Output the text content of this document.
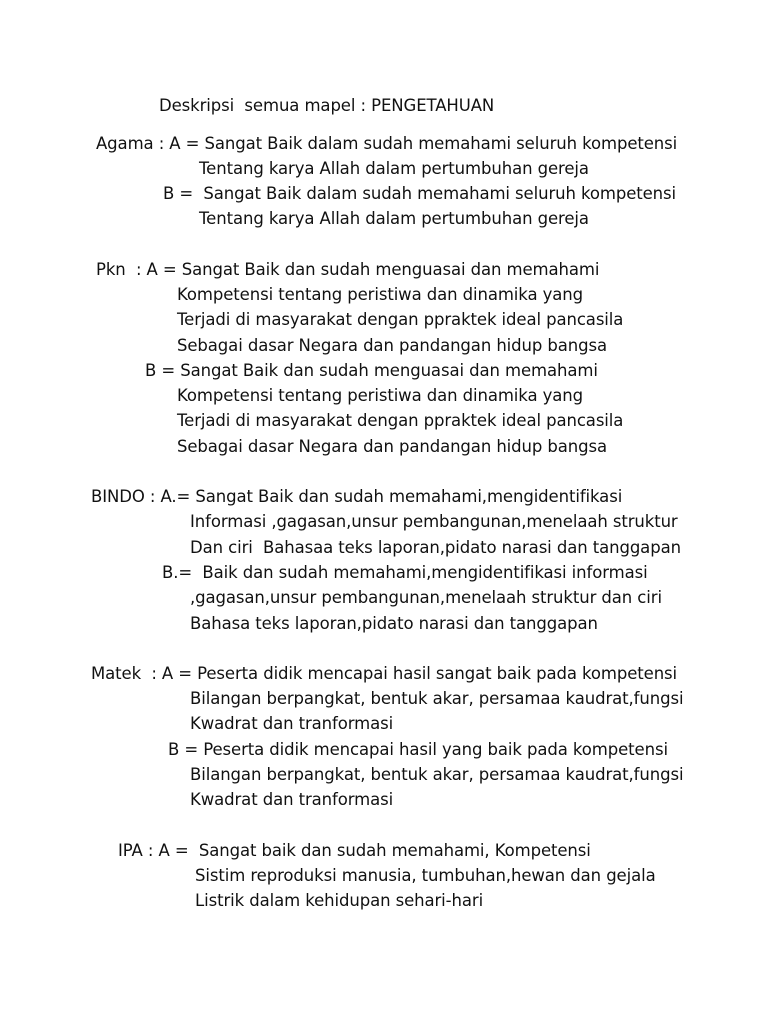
Deskripsi  semua mapel : PENGETAHUAN
Agama : A = Sangat Baik dalam sudah memahami seluruh kompetensi
Tentang karya Allah dalam pertumbuhan gereja
B =  Sangat Baik dalam sudah memahami seluruh kompetensi
Tentang karya Allah dalam pertumbuhan gereja
Pkn  : A = Sangat Baik dan sudah menguasai dan memahami
Kompetensi tentang peristiwa dan dinamika yang
Terjadi di masyarakat dengan ppraktek ideal pancasila
Sebagai dasar Negara dan pandangan hidup bangsa
B = Sangat Baik dan sudah menguasai dan memahami
Kompetensi tentang peristiwa dan dinamika yang
Terjadi di masyarakat dengan ppraktek ideal pancasila
Sebagai dasar Negara dan pandangan hidup bangsa
BINDO : A.= Sangat Baik dan sudah memahami,mengidentifikasi
Informasi ,gagasan,unsur pembangunan,menelaah struktur
Dan ciri  Bahasaa teks laporan,pidato narasi dan tanggapan
B.=  Baik dan sudah memahami,mengidentifikasi informasi
,gagasan,unsur pembangunan,menelaah struktur dan ciri
Bahasa teks laporan,pidato narasi dan tanggapan
Matek  : A = Peserta didik mencapai hasil sangat baik pada kompetensi
Bilangan berpangkat, bentuk akar, persamaa kaudrat,fungsi
Kwadrat dan tranformasi
B = Peserta didik mencapai hasil yang baik pada kompetensi
Bilangan berpangkat, bentuk akar, persamaa kaudrat,fungsi
Kwadrat dan tranformasi
IPA : A =  Sangat baik dan sudah memahami, Kompetensi
Sistim reproduksi manusia, tumbuhan,hewan dan gejala
Listrik dalam kehidupan sehari-hari
